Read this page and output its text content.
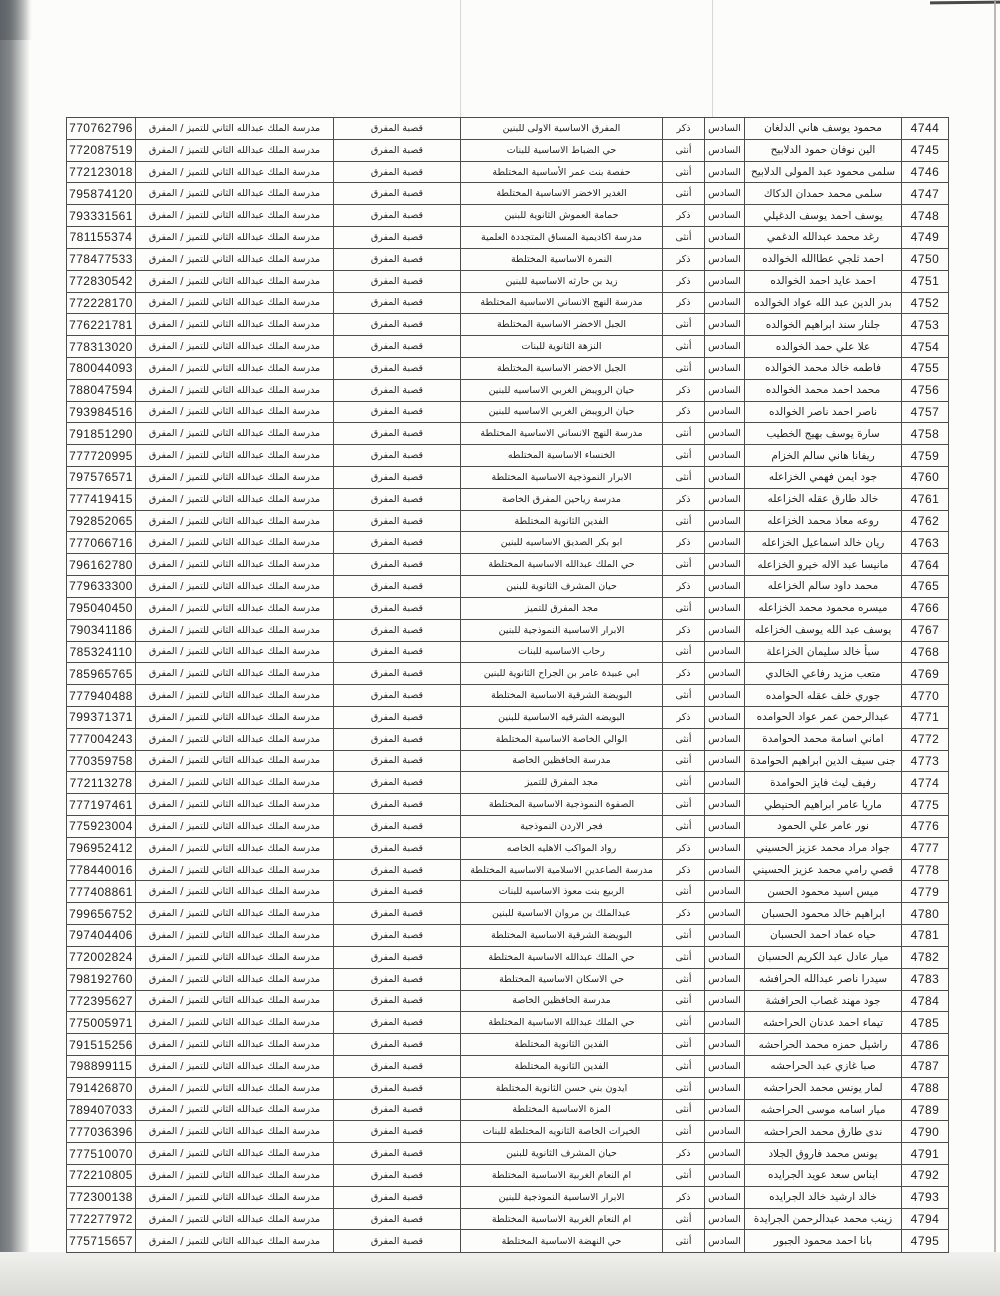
4744	محمود يوسف هاني الدلغان	السادس	ذكر	المفرق الاساسية الاولى للبنين	قصبة المفرق	مدرسة الملك عبدالله الثاني للتميز / المفرق	770762796
4745	الين نوفان حمود الدلابيح	السادس	أنثى	حي الضباط الاساسية للبنات	قصبة المفرق	مدرسة الملك عبدالله الثاني للتميز / المفرق	772087519
4746	سلمى محمود عبد المولى الدلابيح	السادس	أنثى	حفصة بنت عمر الأساسية المختلطة	قصبة المفرق	مدرسة الملك عبدالله الثاني للتميز / المفرق	772123018
4747	سلمى محمد حمدان الدكاك	السادس	أنثى	الغدير الاخضر الاساسية المختلطة	قصبة المفرق	مدرسة الملك عبدالله الثاني للتميز / المفرق	795874120
4748	يوسف احمد يوسف الدغيلي	السادس	ذكر	حمامة العموش الثانوية للبنين	قصبة المفرق	مدرسة الملك عبدالله الثاني للتميز / المفرق	793331561
4749	رغد محمد عبدالله الدغمي	السادس	أنثى	مدرسة اكاديمية المساق المتجددة العلمية	قصبة المفرق	مدرسة الملك عبدالله الثاني للتميز / المفرق	781155374
4750	احمد ثلجي عطاالله الخوالده	السادس	ذكر	النمرة الاساسية المختلطة	قصبة المفرق	مدرسة الملك عبدالله الثاني للتميز / المفرق	778477533
4751	احمد عايد احمد الخوالده	السادس	ذكر	زيد بن حارثه الاساسية للبنين	قصبة المفرق	مدرسة الملك عبدالله الثاني للتميز / المفرق	772830542
4752	بدر الدين عبد الله عواد الخوالده	السادس	ذكر	مدرسة النهج الانساني الاساسية المختلطة	قصبة المفرق	مدرسة الملك عبدالله الثاني للتميز / المفرق	772228170
4753	جلنار سند ابراهيم الخوالده	السادس	أنثى	الجبل الاخضر الاساسية المختلطة	قصبة المفرق	مدرسة الملك عبدالله الثاني للتميز / المفرق	776221781
4754	علا علي حمد الخوالده	السادس	أنثى	النزهة الثانوية للبنات	قصبة المفرق	مدرسة الملك عبدالله الثاني للتميز / المفرق	778313020
4755	فاطمه خالد محمد الخوالده	السادس	أنثى	الجبل الاخضر الاساسية المختلطة	قصبة المفرق	مدرسة الملك عبدالله الثاني للتميز / المفرق	780044093
4756	محمد احمد محمد الخوالده	السادس	ذكر	حيان الرويبض الغربي الاساسيه للبنين	قصبة المفرق	مدرسة الملك عبدالله الثاني للتميز / المفرق	788047594
4757	ناصر احمد ناصر الخوالده	السادس	ذكر	حيان الرويبض الغربي الاساسيه للبنين	قصبة المفرق	مدرسة الملك عبدالله الثاني للتميز / المفرق	793984516
4758	سارة يوسف بهيج الخطيب	السادس	أنثى	مدرسة النهج الانساني الاساسية المختلطة	قصبة المفرق	مدرسة الملك عبدالله الثاني للتميز / المفرق	791851290
4759	ريفانا هاني سالم الخزام	السادس	أنثى	الخنساء الاساسية المختلطه	قصبة المفرق	مدرسة الملك عبدالله الثاني للتميز / المفرق	777720995
4760	جود ايمن فهمي الخزاعله	السادس	أنثى	الابرار النموذجية الاساسية المختلطة	قصبة المفرق	مدرسة الملك عبدالله الثاني للتميز / المفرق	797576571
4761	خالد طارق عقله الخزاعله	السادس	ذكر	مدرسة رياحين المفرق الخاصة	قصبة المفرق	مدرسة الملك عبدالله الثاني للتميز / المفرق	777419415
4762	روعه معاذ محمد الخزاعله	السادس	أنثى	الفدين الثانوية المختلطة	قصبة المفرق	مدرسة الملك عبدالله الثاني للتميز / المفرق	792852065
4763	ريان خالد اسماعيل الخزاعله	السادس	ذكر	ابو بكر الصديق الاساسيه للبنين	قصبة المفرق	مدرسة الملك عبدالله الثاني للتميز / المفرق	777066716
4764	مانيسا عبد الاله خيرو الخزاعله	السادس	أنثى	حي الملك عبدالله الاساسية المختلطة	قصبة المفرق	مدرسة الملك عبدالله الثاني للتميز / المفرق	796162780
4765	محمد داود سالم الخزاعله	السادس	ذكر	حيان المشرف الثانوية للبنين	قصبة المفرق	مدرسة الملك عبدالله الثاني للتميز / المفرق	779633300
4766	ميسره محمود محمد الخزاعله	السادس	أنثى	مجد المفرق للتميز	قصبة المفرق	مدرسة الملك عبدالله الثاني للتميز / المفرق	795040450
4767	يوسف عبد الله يوسف الخزاعله	السادس	ذكر	الابرار الاساسية النموذجية للبنين	قصبة المفرق	مدرسة الملك عبدالله الثاني للتميز / المفرق	790341186
4768	سبأ خالد سليمان الخزاعلة	السادس	أنثى	رحاب الاساسيه للبنات	قصبة المفرق	مدرسة الملك عبدالله الثاني للتميز / المفرق	785324110
4769	متعب مزيد رفاعي الخالدي	السادس	ذكر	ابي عبيدة عامر بن الجراح الثانوية للبنين	قصبة المفرق	مدرسة الملك عبدالله الثاني للتميز / المفرق	785965765
4770	جوري خلف عقله الحوامده	السادس	أنثى	البويضة الشرقية الاساسية المختلطة	قصبة المفرق	مدرسة الملك عبدالله الثاني للتميز / المفرق	777940488
4771	عبدالرحمن عمر عواد الحوامده	السادس	ذكر	البويضه الشرقيه الاساسية للبنين	قصبة المفرق	مدرسة الملك عبدالله الثاني للتميز / المفرق	799371371
4772	اماني اسامة محمد الحوامدة	السادس	أنثى	الوالي الخاصة الاساسية المختلطة	قصبة المفرق	مدرسة الملك عبدالله الثاني للتميز / المفرق	777004243
4773	جنى سيف الدين ابراهيم الحوامدة	السادس	أنثى	مدرسة الحافظين الخاصة	قصبة المفرق	مدرسة الملك عبدالله الثاني للتميز / المفرق	770359758
4774	رفيف ليث فايز الحوامدة	السادس	أنثى	مجد المفرق للتميز	قصبة المفرق	مدرسة الملك عبدالله الثاني للتميز / المفرق	772113278
4775	ماريا عامر ابراهيم الحنيطي	السادس	أنثى	الصفوة النموذجية الاساسية المختلطة	قصبة المفرق	مدرسة الملك عبدالله الثاني للتميز / المفرق	777197461
4776	نور عامر علي الحمود	السادس	أنثى	فجر الاردن النموذجية	قصبة المفرق	مدرسة الملك عبدالله الثاني للتميز / المفرق	775923004
4777	جواد مراد محمد عزيز الحسيني	السادس	ذكر	رواد المواكب الاهليه الخاصه	قصبة المفرق	مدرسة الملك عبدالله الثاني للتميز / المفرق	796952412
4778	قصي رامي محمد عزيز الحسيني	السادس	ذكر	مدرسة الصاعدين الاسلامية الاساسية المختلطة	قصبة المفرق	مدرسة الملك عبدالله الثاني للتميز / المفرق	778440016
4779	ميس اسيد محمود الحسن	السادس	أنثى	الربيع بنت معوذ الاساسيه للبنات	قصبة المفرق	مدرسة الملك عبدالله الثاني للتميز / المفرق	777408861
4780	ابراهيم خالد محمود الحسبان	السادس	ذكر	عبدالملك بن مروان الاساسية للبنين	قصبة المفرق	مدرسة الملك عبدالله الثاني للتميز / المفرق	799656752
4781	حياه عماد احمد الحسبان	السادس	أنثى	البويضة الشرقية الاساسية المختلطة	قصبة المفرق	مدرسة الملك عبدالله الثاني للتميز / المفرق	797404406
4782	ميار عادل عبد الكريم الحسبان	السادس	أنثى	حي الملك عبدالله الاساسية المختلطة	قصبة المفرق	مدرسة الملك عبدالله الثاني للتميز / المفرق	772002824
4783	سيدرا ناصر عبدالله الحرافشه	السادس	أنثى	حي الاسكان الاساسية المختلطة	قصبة المفرق	مدرسة الملك عبدالله الثاني للتميز / المفرق	798192760
4784	جود مهند غصاب الحرافشة	السادس	أنثى	مدرسة الحافظين الخاصة	قصبة المفرق	مدرسة الملك عبدالله الثاني للتميز / المفرق	772395627
4785	تيماء احمد عدنان الحراحشه	السادس	أنثى	حي الملك عبدالله الاساسية المختلطة	قصبة المفرق	مدرسة الملك عبدالله الثاني للتميز / المفرق	775005971
4786	راشيل حمزه محمد الحراحشه	السادس	أنثى	الفدين الثانوية المختلطة	قصبة المفرق	مدرسة الملك عبدالله الثاني للتميز / المفرق	791515256
4787	صبا غازي عبد الحراحشه	السادس	أنثى	الفدين الثانوية المختلطة	قصبة المفرق	مدرسة الملك عبدالله الثاني للتميز / المفرق	798899115
4788	لمار يونس محمد الحراحشه	السادس	أنثى	ايدون بني حسن الثانوية المختلطة	قصبة المفرق	مدرسة الملك عبدالله الثاني للتميز / المفرق	791426870
4789	ميار اسامه موسى الحراحشه	السادس	أنثى	المزة الاساسية المختلطة	قصبة المفرق	مدرسة الملك عبدالله الثاني للتميز / المفرق	789407033
4790	ندى طارق محمد الحراحشه	السادس	أنثى	الخيرات الخاصة الثانويه المختلطة للبنات	قصبة المفرق	مدرسة الملك عبدالله الثاني للتميز / المفرق	777036396
4791	يونس محمد فاروق الجلاد	السادس	ذكر	حيان المشرف الثانوية للبنين	قصبة المفرق	مدرسة الملك عبدالله الثاني للتميز / المفرق	777510070
4792	ايناس سعد عويد الجرايده	السادس	أنثى	ام النعام الغربية الاساسية المختلطة	قصبة المفرق	مدرسة الملك عبدالله الثاني للتميز / المفرق	772210805
4793	خالد ارشيد خالد الجرايده	السادس	ذكر	الابرار الاساسية النموذجية للبنين	قصبة المفرق	مدرسة الملك عبدالله الثاني للتميز / المفرق	772300138
4794	زينب محمد عبدالرحمن الجرايدة	السادس	أنثى	ام النعام الغربية الاساسية المختلطة	قصبة المفرق	مدرسة الملك عبدالله الثاني للتميز / المفرق	772277972
4795	بانا احمد محمود الجبور	السادس	أنثى	حي النهضة الاساسية المختلطة	قصبة المفرق	مدرسة الملك عبدالله الثاني للتميز / المفرق	775715657
